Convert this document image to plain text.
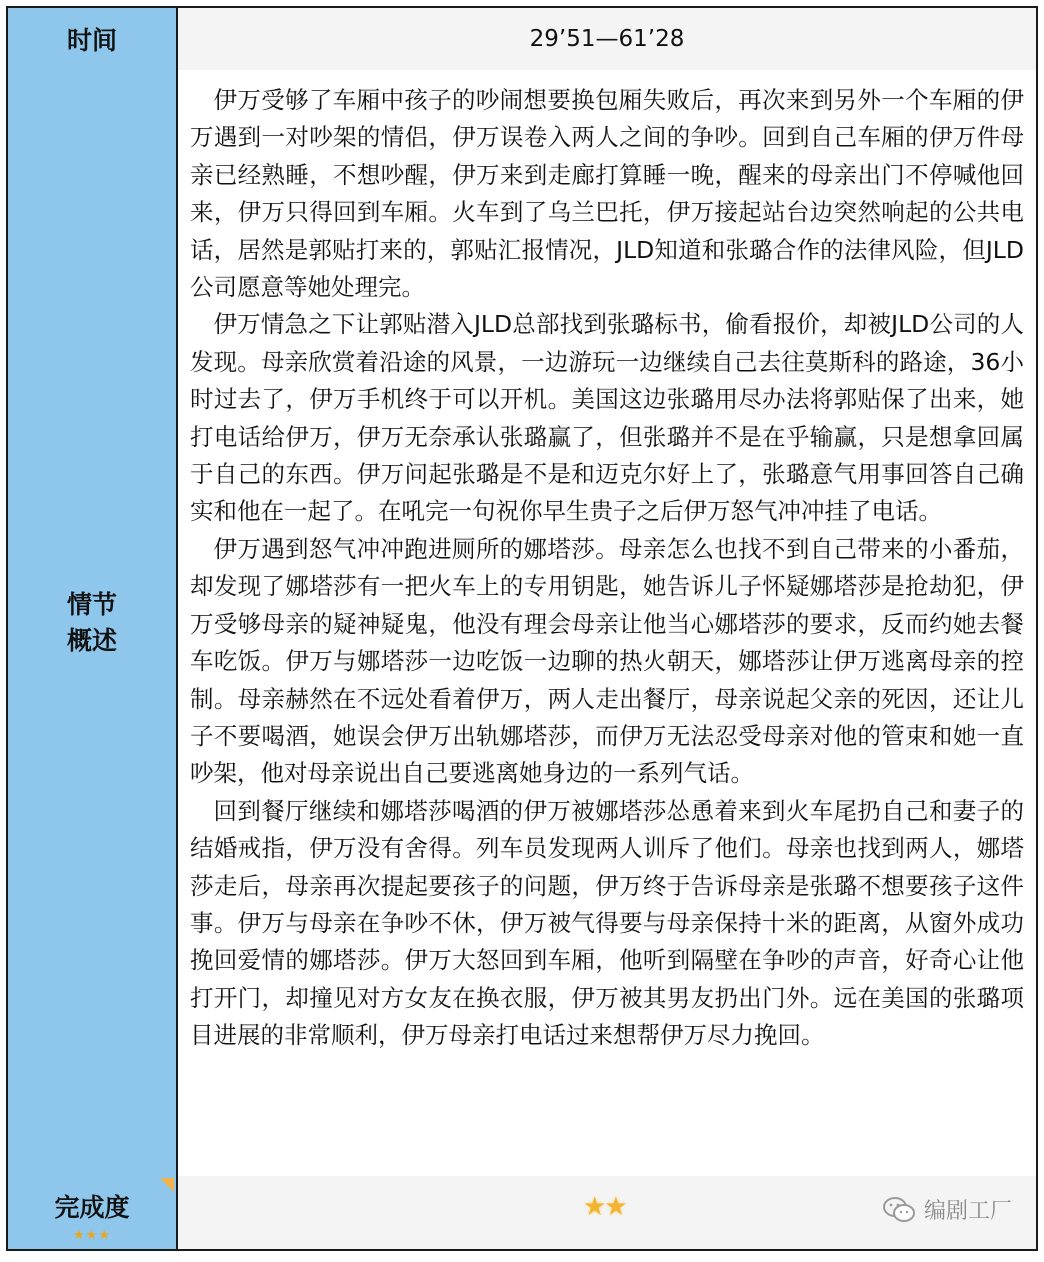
时间	29’51—61’28
情节
概述

伊万受够了车厢中孩子的吵闹想要换包厢失败后，再次来到另外一个车厢的伊万遇到一对吵架的情侣，伊万误卷入两人之间的争吵。回到自己车厢的伊万件母亲已经熟睡，不想吵醒，伊万来到走廊打算睡一晚，醒来的母亲出门不停喊他回来，伊万只得回到车厢。火车到了乌兰巴托，伊万接起站台边突然响起的公共电话，居然是郭贴打来的，郭贴汇报情况，JLD知道和张璐合作的法律风险，但JLD公司愿意等她处理完。

伊万情急之下让郭贴潜入JLD总部找到张璐标书，偷看报价，却被JLD公司的人发现。母亲欣赏着沿途的风景，一边游玩一边继续自己去往莫斯科的路途，36小时过去了，伊万手机终于可以开机。美国这边张璐用尽办法将郭贴保了出来，她打电话给伊万，伊万无奈承认张璐赢了，但张璐并不是在乎输赢，只是想拿回属于自己的东西。伊万问起张璐是不是和迈克尔好上了，张璐意气用事回答自己确实和他在一起了。在吼完一句祝你早生贵子之后伊万怒气冲冲挂了电话。

伊万遇到怒气冲冲跑进厕所的娜塔莎。母亲怎么也找不到自己带来的小番茄，却发现了娜塔莎有一把火车上的专用钥匙，她告诉儿子怀疑娜塔莎是抢劫犯，伊万受够母亲的疑神疑鬼，他没有理会母亲让他当心娜塔莎的要求，反而约她去餐车吃饭。伊万与娜塔莎一边吃饭一边聊的热火朝天，娜塔莎让伊万逃离母亲的控制。母亲赫然在不远处看着伊万，两人走出餐厅，母亲说起父亲的死因，还让儿子不要喝酒，她误会伊万出轨娜塔莎，而伊万无法忍受母亲对他的管束和她一直吵架，他对母亲说出自己要逃离她身边的一系列气话。

回到餐厅继续和娜塔莎喝酒的伊万被娜塔莎怂恿着来到火车尾扔自己和妻子的结婚戒指，伊万没有舍得。列车员发现两人训斥了他们。母亲也找到两人，娜塔莎走后，母亲再次提起要孩子的问题，伊万终于告诉母亲是张璐不想要孩子这件事。伊万与母亲在争吵不休，伊万被气得要与母亲保持十米的距离，从窗外成功挽回爱情的娜塔莎。伊万大怒回到车厢，他听到隔壁在争吵的声音，好奇心让他打开门，却撞见对方女友在换衣服，伊万被其男友扔出门外。远在美国的张璐项目进展的非常顺利，伊万母亲打电话过来想帮伊万尽力挽回。

完成度
★★★
★★	编剧工厂
